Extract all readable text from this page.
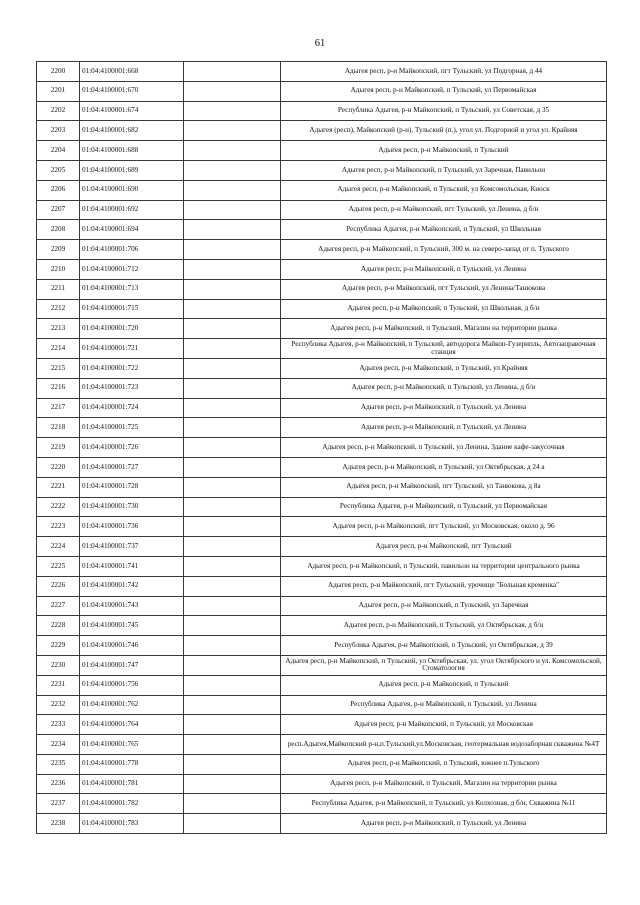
61
2200	01:04:4100001:668		Адыгея респ, р-н Майкопский, пгт Тульский, ул Подгорная, д 44
2201	01:04:4100001:670		Адыгея респ, р-н Майкопский, п Тульский, ул Первомайская
2202	01:04:4100001:674		Республика Адыгея, р-н Майкопский, п Тульский, ул Советская, д 35
2203	01:04:4100001:682		Адыгея (респ), Майкопский (р-н), Тульский (п.), угол ул. Подгорной и угол ул. Крайняя
2204	01:04:4100001:688		Адыгея респ, р-н Майкопский, п Тульский
2205	01:04:4100001:689		Адыгея респ, р-н Майкопский, п Тульский, ул Заречная, Павильон
2206	01:04:4100001:690		Адыгея респ, р-н Майкопский, п Тульский, ул Комсомольская, Киоск
2207	01:04:4100001:692		Адыгея респ, р-н Майкопский, пгт Тульский, ул Ленина, д б/н
2208	01:04:4100001:694		Республика Адыгея, р-н Майкопский, п Тульский, ул Школьная
2209	01:04:4100001:706		Адыгея респ, р-н Майкопский, п Тульский, 300 м. на северо-запад от п. Тульского
2210	01:04:4100001:712		Адыгея респ, р-н Майкопский, п Тульский, ул Ленина
2211	01:04:4100001:713		Адыгея респ, р-н Майкопский, пгт Тульский, ул Ленина/Танюкова
2212	01:04:4100001:715		Адыгея респ, р-н Майкопский, п Тульский, ул Школьная, д б/н
2213	01:04:4100001:720		Адыгея респ, р-н Майкопский, п Тульский, Магазин на территории рынка
2214	01:04:4100001:721		Республика Адыгея, р-н Майкопский, п Тульский, автодорога Майкоп-Гузерипль, Автозаправочная станция
2215	01:04:4100001:722		Адыгея респ, р-н Майкопский, п Тульский, ул Крайняя
2216	01:04:4100001:723		Адыгея респ, р-н Майкопский, п Тульский, ул Ленина, д б/н
2217	01:04:4100001:724		Адыгея респ, р-н Майкопский, п Тульский, ул Ленина
2218	01:04:4100001:725		Адыгея респ, р-н Майкопский, п Тульский, ул Ленина
2219	01:04:4100001:726		Адыгея респ, р-н Майкопский, п Тульский, ул Ленина, Здание кафе-закусочная
2220	01:04:4100001:727		Адыгея респ, р-н Майкопский, п Тульский, ул Октябрьская, д 24 а
2221	01:04:4100001:728		Адыгея респ, р-н Майкопский, пгт Тульский, ул Танюкова, д 8а
2222	01:04:4100001:730		Республика Адыгея, р-н Майкопский, п Тульский, ул Первомайская
2223	01:04:4100001:736		Адыгея респ, р-н Майкопский, пгт Тульский, ул Московская, около д. 96
2224	01:04:4100001:737		Адыгея респ, р-н Майкопский, пгт Тульский
2225	01:04:4100001:741		Адыгея респ, р-н Майкопский, п Тульский, павильон на территории центрального рынка
2226	01:04:4100001:742		Адыгея респ, р-н Майкопский, пгт Тульский, урочище "Большая кременка"
2227	01:04:4100001:743		Адыгея респ, р-н Майкопский, п Тульский, ул Заречная
2228	01:04:4100001:745		Адыгея респ, р-н Майкопский, п Тульский, ул Октябрьская, д б/н
2229	01:04:4100001:746		Республика Адыгея, р-н Майкопский, п Тульский, ул Октябрьская, д 39
2230	01:04:4100001:747		Адыгея респ, р-н Майкопский, п Тульский, ул Октябрьская, ул. угол Октябрского и ул. Комсомольской, Стоматология
2231	01:04:4100001:756		Адыгея респ, р-н Майкопский, п Тульский
2232	01:04:4100001:762		Республика Адыгея, р-н Майкопский, п Тульский, ул Ленина
2233	01:04:4100001:764		Адыгея респ, р-н Майкопский, п Тульский, ул Московская
2234	01:04:4100001:765		респ.Адыгея,Майкопский р-н,п.Тульский,ул.Московская, геотермальная водозаборная скважина №4Т
2235	01:04:4100001:778		Адыгея респ, р-н Майкопский, п Тульский, южнее п.Тульского
2236	01:04:4100001:781		Адыгея респ, р-н Майкопский, п Тульский, Магазин на территории рынка
2237	01:04:4100001:782		Республика Адыгея, р-н Майкопский, п Тульский, ул Колхозная, д б/н, Скважина №11
2238	01:04:4100001:783		Адыгея респ, р-н Майкопский, п Тульский, ул Ленина
